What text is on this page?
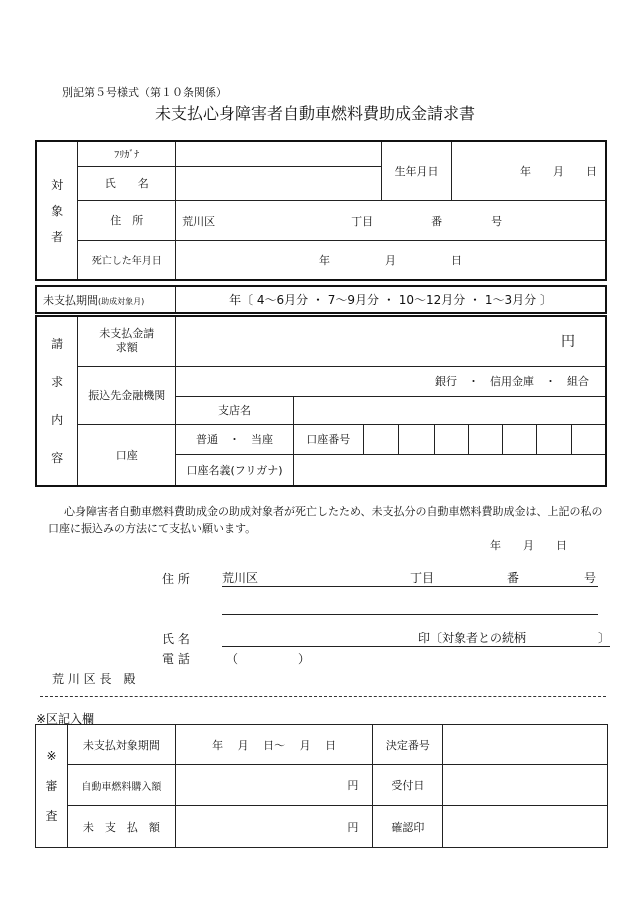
別記第５号様式（第１０条関係）
未支払心身障害者自動車燃料費助成金請求書
対象者	ﾌﾘｶﾞﾅ		生年月日	年　　月　　日
	氏　　名			
	住　所	荒川区 丁目 番 号		

	死亡した年月日	年　　　　　月　　　　　日		
未支払期間(助成対象月)	年〔 4～6月分 ・ 7～9月分 ・ 10～12月分 ・ 1～3月分 〕
請求内容	未支払金請求額	円								
	振込先金融機関	銀行　・　信用金庫　・　組合								
		支店名								
	口座	普通　・　当座	口座番号							
		口座名義(フリガナ)								
心身障害者自動車燃料費助成金の助成対象者が死亡したため、未支払分の自動車燃料費助成金は、上記の私の口座に振込みの方法にて支払い願います。
年　　月　　日
住 所	荒川区	丁目	番	号
氏 名	印〔対象者との続柄　　　　　　〕
電 話	（　　　　　）
荒 川 区 長　殿
※区記入欄
※審査	未支払対象期間	年　 月　 日～　 月　 日	決定番号	
	自動車燃料購入額	円	受付日	
	未　支　払　額	円	確認印	
